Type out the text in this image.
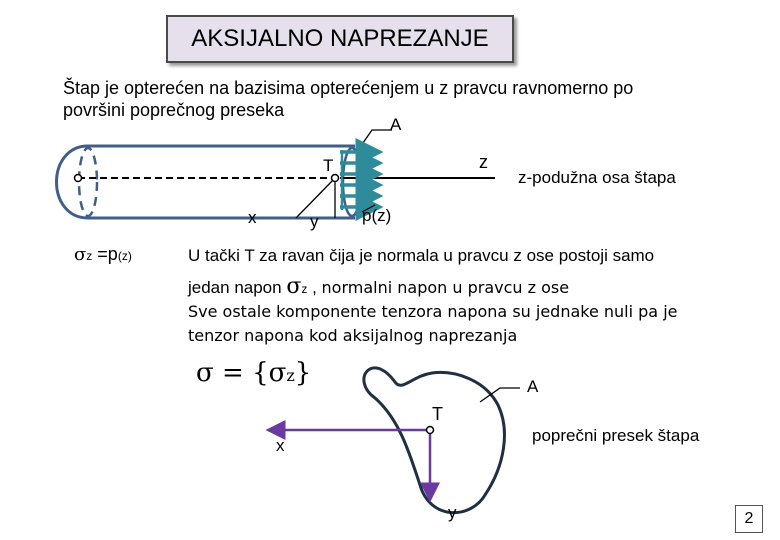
AKSIJALNO NAPREZANJE
Štap je opterećen na bazisima opterećenjem u z pravcu ravnomerno po
površini poprečnog preseka
A
T	z
z-podužna osa štapa
x	y	p(z)
σz =p(z)	U tački T za ravan čija je normala u pravcu z ose postoji samo
jedan napon σz , normalni napon u pravcu z ose
Sve ostale komponente tenzora napona su jednake nuli pa je
tenzor napona kod aksijalnog naprezanja
σ = {σz}	A
T
x
y
poprečni presek štapa
2
